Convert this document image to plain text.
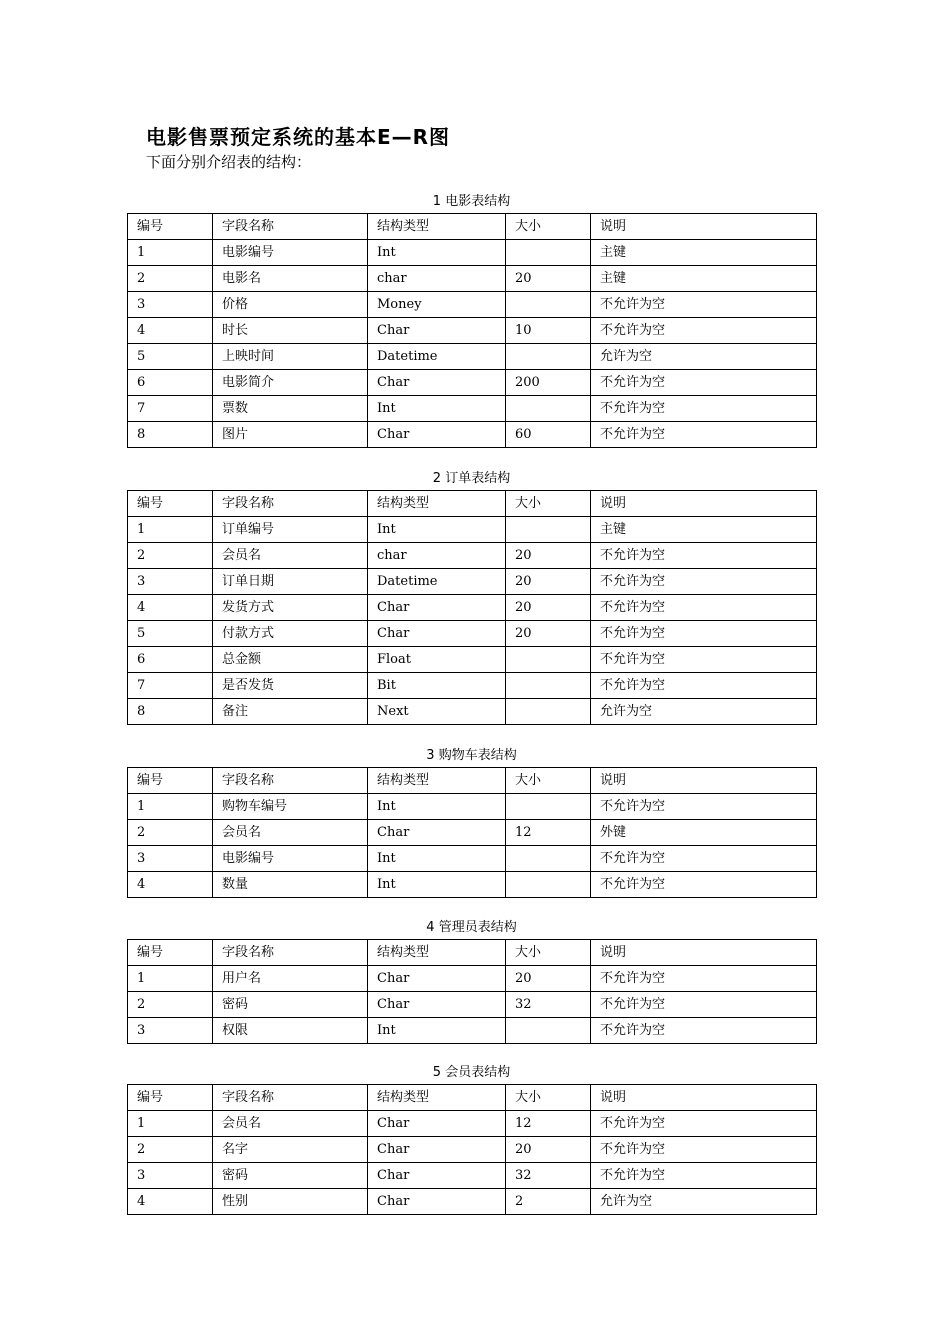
电影售票预定系统的基本E—R图

下面分别介绍表的结构：

1 电影表结构
编号	字段名称	结构类型	大小	说明
1	电影编号	Int		主键
2	电影名	char	20	主键
3	价格	Money		不允许为空
4	时长	Char	10	不允许为空
5	上映时间	Datetime		允许为空
6	电影简介	Char	200	不允许为空
7	票数	Int		不允许为空
8	图片	Char	60	不允许为空
2 订单表结构
编号	字段名称	结构类型	大小	说明
1	订单编号	Int		主键
2	会员名	char	20	不允许为空
3	订单日期	Datetime	20	不允许为空
4	发货方式	Char	20	不允许为空
5	付款方式	Char	20	不允许为空
6	总金额	Float		不允许为空
7	是否发货	Bit		不允许为空
8	备注	Next		允许为空
3 购物车表结构
编号	字段名称	结构类型	大小	说明
1	购物车编号	Int		不允许为空
2	会员名	Char	12	外键
3	电影编号	Int		不允许为空
4	数量	Int		不允许为空
4 管理员表结构
编号	字段名称	结构类型	大小	说明
1	用户名	Char	20	不允许为空
2	密码	Char	32	不允许为空
3	权限	Int		不允许为空
5 会员表结构
编号	字段名称	结构类型	大小	说明
1	会员名	Char	12	不允许为空
2	名字	Char	20	不允许为空
3	密码	Char	32	不允许为空
4	性别	Char	2	允许为空
